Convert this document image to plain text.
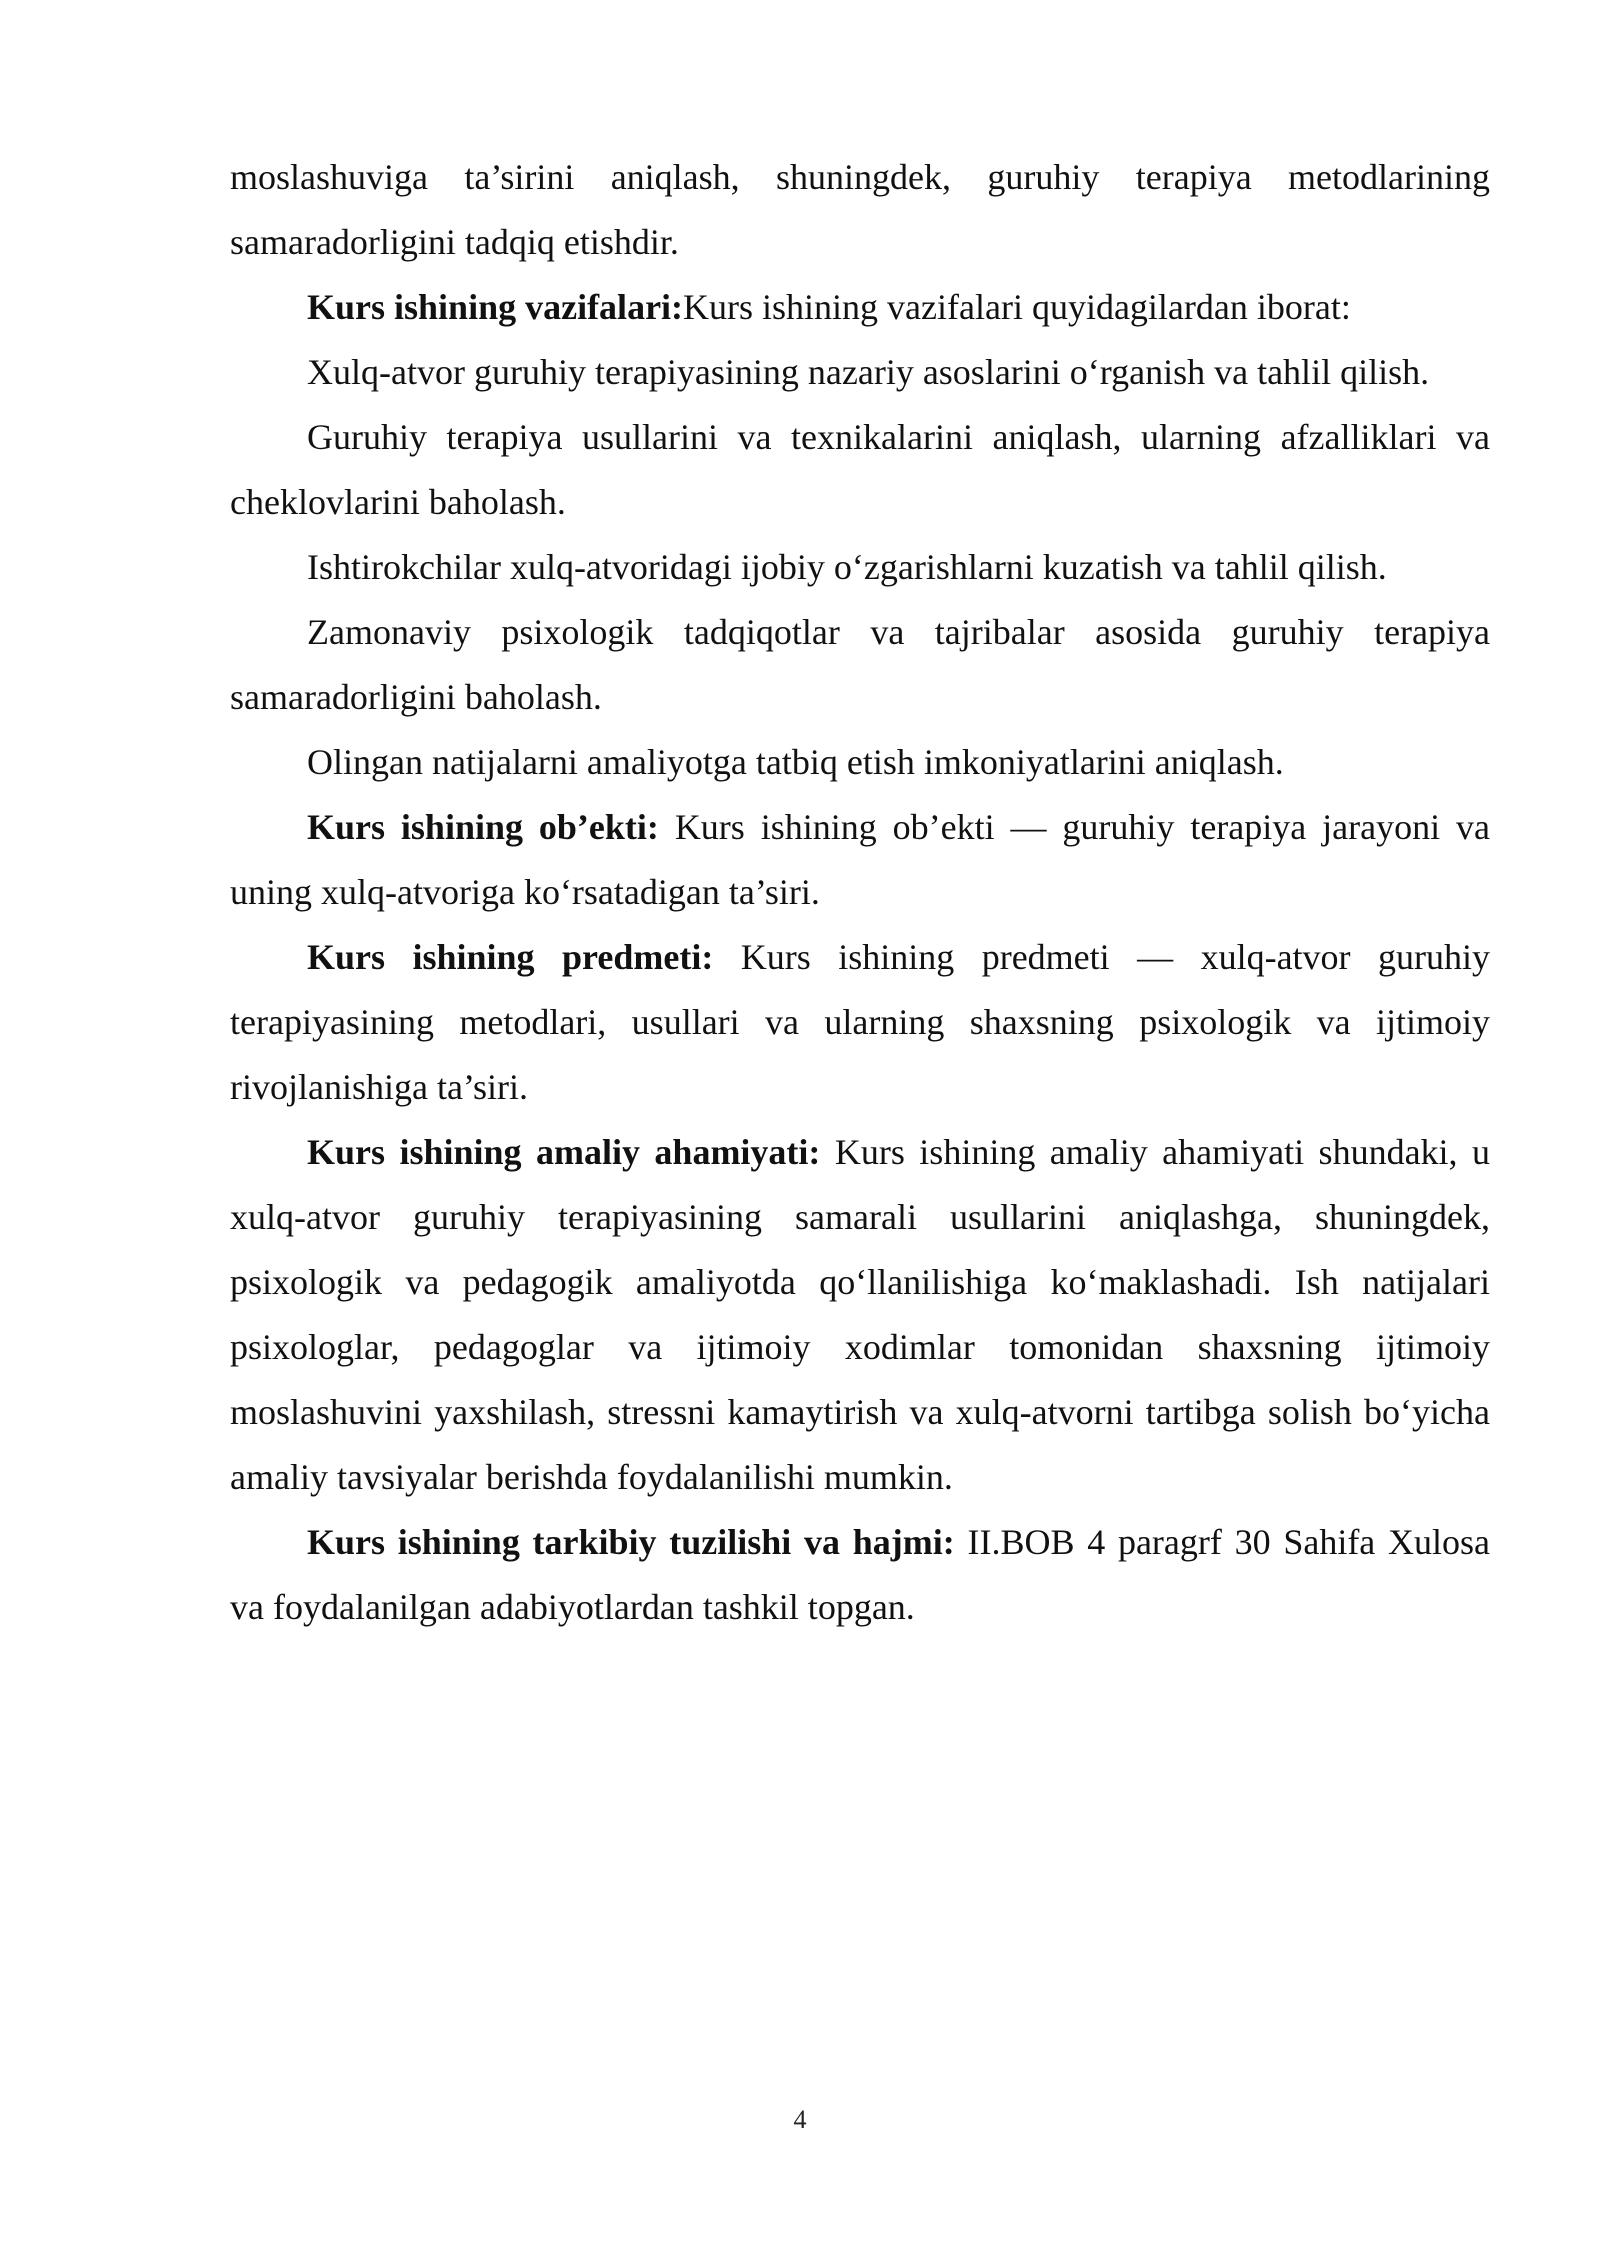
moslashuviga ta’sirini aniqlash, shuningdek, guruhiy terapiya metodlarining samaradorligini tadqiq etishdir.

Kurs ishining vazifalari:Kurs ishining vazifalari quyidagilardan iborat:

Xulq-atvor guruhiy terapiyasining nazariy asoslarini o‘rganish va tahlil qilish.

Guruhiy terapiya usullarini va texnikalarini aniqlash, ularning afzalliklari va cheklovlarini baholash.

Ishtirokchilar xulq-atvoridagi ijobiy o‘zgarishlarni kuzatish va tahlil qilish.

Zamonaviy psixologik tadqiqotlar va tajribalar asosida guruhiy terapiya samaradorligini baholash.

Olingan natijalarni amaliyotga tatbiq etish imkoniyatlarini aniqlash.

Kurs ishining ob’ekti: Kurs ishining ob’ekti — guruhiy terapiya jarayoni va uning xulq-atvoriga ko‘rsatadigan ta’siri.

Kurs ishining predmeti: Kurs ishining predmeti — xulq-atvor guruhiy terapiyasining metodlari, usullari va ularning shaxsning psixologik va ijtimoiy rivojlanishiga ta’siri.

Kurs ishining amaliy ahamiyati: Kurs ishining amaliy ahamiyati shundaki, u xulq-atvor guruhiy terapiyasining samarali usullarini aniqlashga, shuningdek, psixologik va pedagogik amaliyotda qo‘llanilishiga ko‘maklashadi. Ish natijalari psixologlar, pedagoglar va ijtimoiy xodimlar tomonidan shaxsning ijtimoiy moslashuvini yaxshilash, stressni kamaytirish va xulq-atvorni tartibga solish bo‘yicha amaliy tavsiyalar berishda foydalanilishi mumkin.

Kurs ishining tarkibiy tuzilishi va hajmi: II.BOB 4 paragrf 30 Sahifa Xulosa va foydalanilgan adabiyotlardan tashkil topgan.

4
